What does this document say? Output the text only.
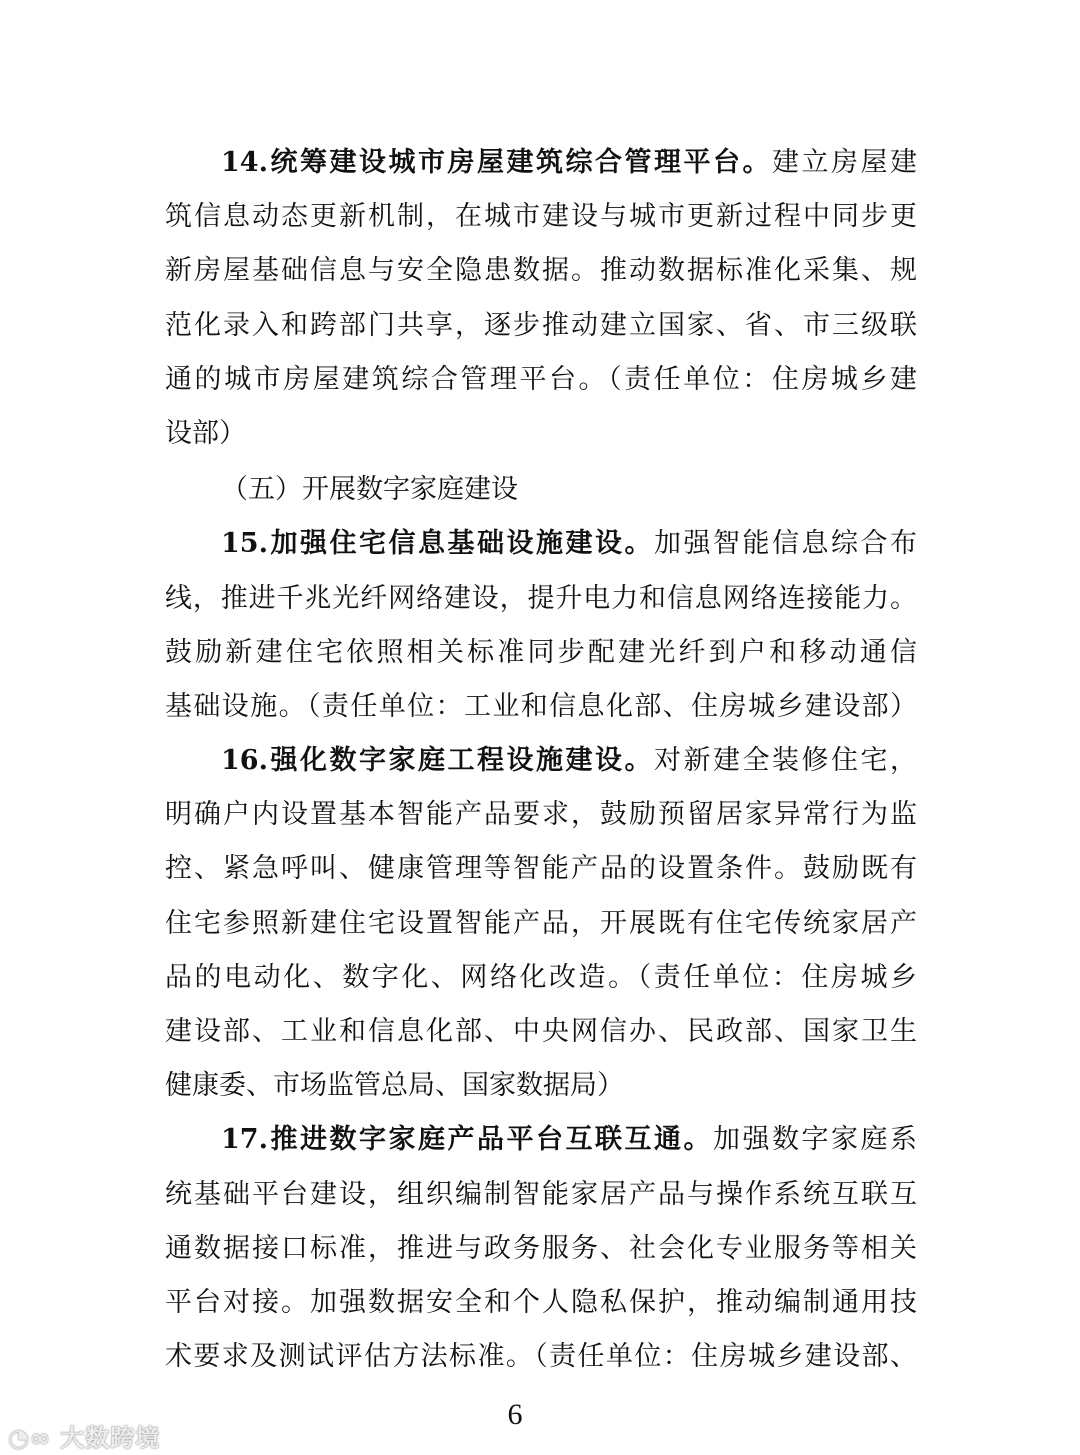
14.统筹建设城市房屋建筑综合管理平台。建立房屋建
筑信息动态更新机制，在城市建设与城市更新过程中同步更
新房屋基础信息与安全隐患数据。推动数据标准化采集、规
范化录入和跨部门共享，逐步推动建立国家、省、市三级联
通的城市房屋建筑综合管理平台。（责任单位：住房城乡建
设部）
（五）开展数字家庭建设
15.加强住宅信息基础设施建设。加强智能信息综合布
线，推进千兆光纤网络建设，提升电力和信息网络连接能力。
鼓励新建住宅依照相关标准同步配建光纤到户和移动通信
基础设施。（责任单位：工业和信息化部、住房城乡建设部）
16.强化数字家庭工程设施建设。对新建全装修住宅，
明确户内设置基本智能产品要求，鼓励预留居家异常行为监
控、紧急呼叫、健康管理等智能产品的设置条件。鼓励既有
住宅参照新建住宅设置智能产品，开展既有住宅传统家居产
品的电动化、数字化、网络化改造。（责任单位：住房城乡
建设部、工业和信息化部、中央网信办、民政部、国家卫生
健康委、市场监管总局、国家数据局）
17.推进数字家庭产品平台互联互通。加强数字家庭系
统基础平台建设，组织编制智能家居产品与操作系统互联互
通数据接口标准，推进与政务服务、社会化专业服务等相关
平台对接。加强数据安全和个人隐私保护，推动编制通用技
术要求及测试评估方法标准。（责任单位：住房城乡建设部、
6
◔∞ 大数跨境
